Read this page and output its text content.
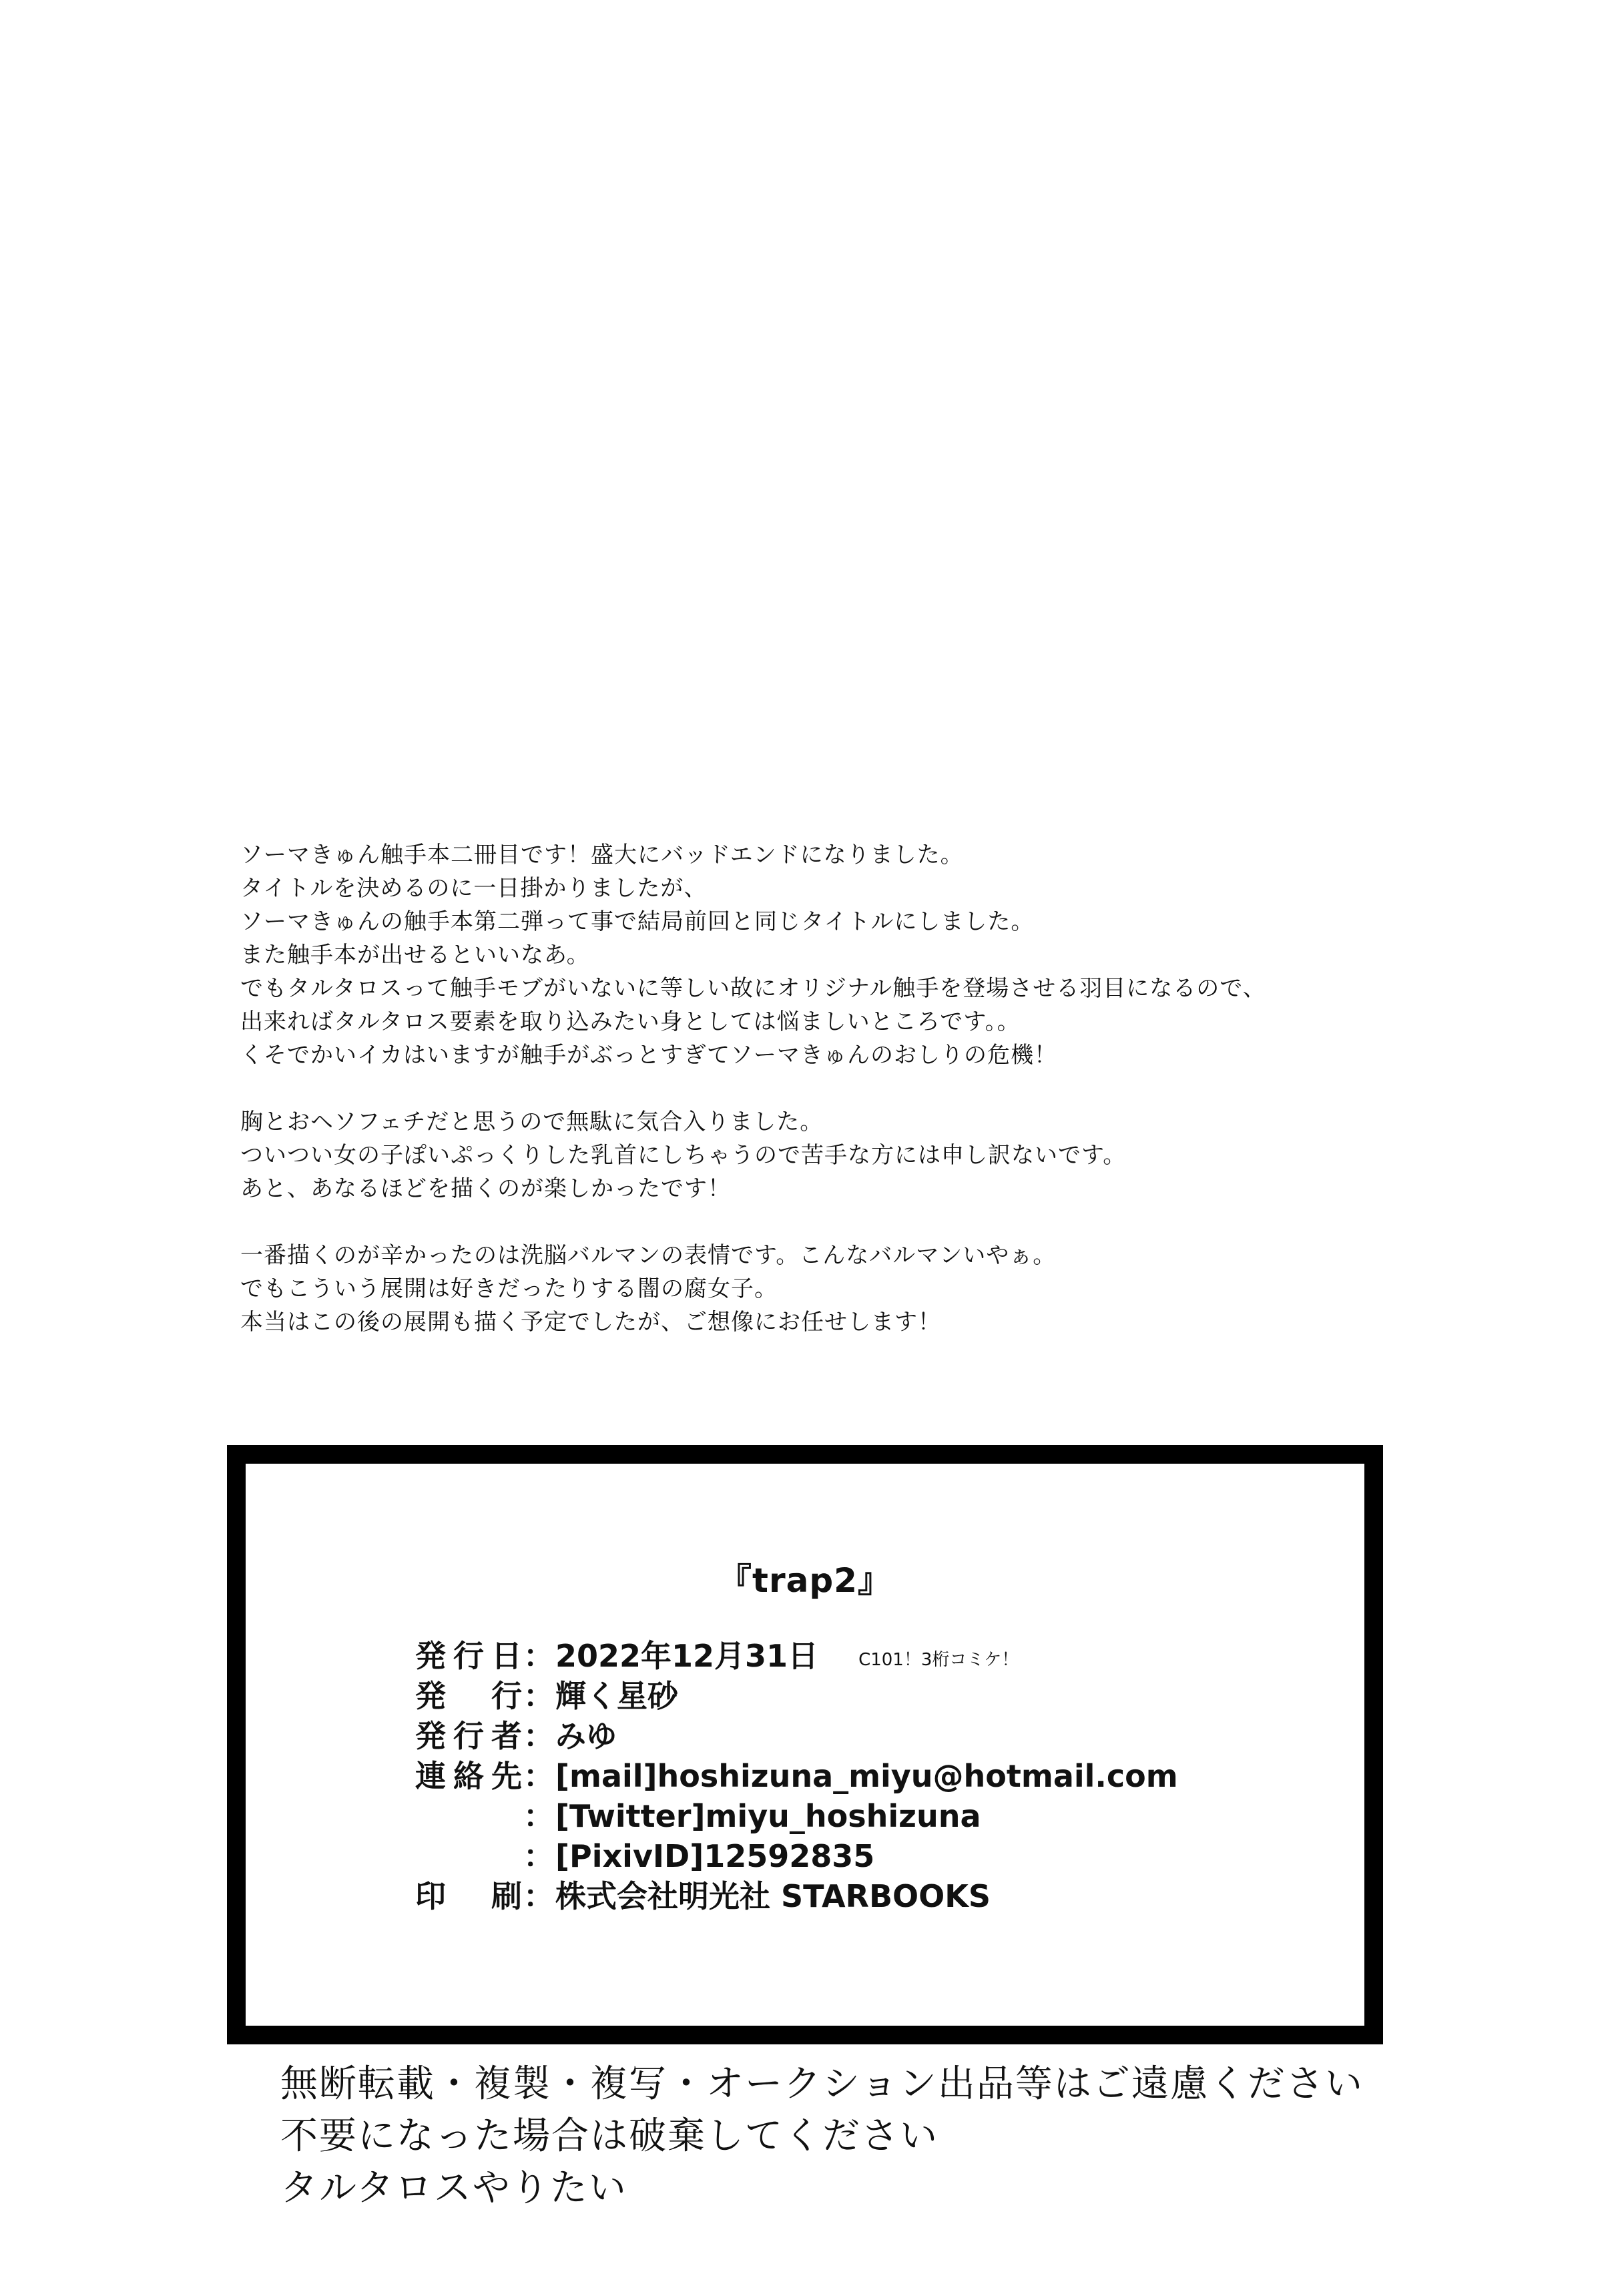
ソーマきゅん触手本二冊目です！盛大にバッドエンドになりました。
タイトルを決めるのに一日掛かりましたが、
ソーマきゅんの触手本第二弾って事で結局前回と同じタイトルにしました。
また触手本が出せるといいなあ。
でもタルタロスって触手モブがいないに等しい故にオリジナル触手を登場させる羽目になるので、
出来ればタルタロス要素を取り込みたい身としては悩ましいところです。。
くそでかいイカはいますが触手がぶっとすぎてソーマきゅんのおしりの危機！
胸とおヘソフェチだと思うので無駄に気合入りました。
ついつい女の子ぽいぷっくりした乳首にしちゃうので苦手な方には申し訳ないです。
あと、あなるほどを描くのが楽しかったです！
一番描くのが辛かったのは洗脳バルマンの表情です。こんなバルマンいやぁ。
でもこういう展開は好きだったりする闇の腐女子。
本当はこの後の展開も描く予定でしたが、ご想像にお任せします！
『trap2』
発行日 ： 2022年12月31日 C101！3桁コミケ！
発行 ： 輝く星砂
発行者 ： みゆ
連絡先 ： [mail]hoshizuna_miyu@hotmail.com
： [Twitter]miyu_hoshizuna
： [PixivID]12592835
印刷 ： 株式会社明光社 STARBOOKS
無断転載・複製・複写・オークション出品等はご遠慮ください
不要になった場合は破棄してください
タルタロスやりたい
